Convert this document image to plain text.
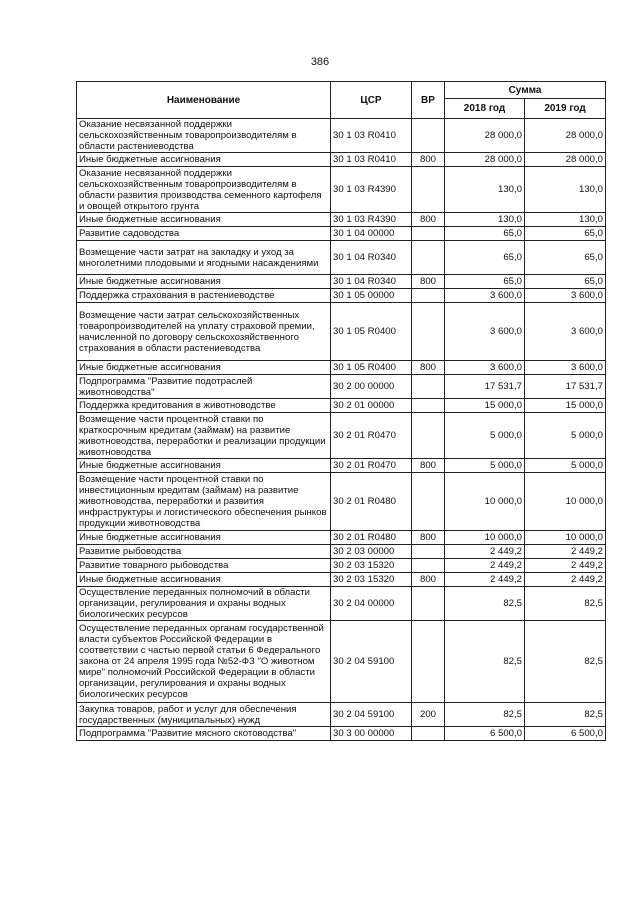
386
Наименование	ЦСР	ВР	Сумма	
			2018 год	2019 год
Оказание несвязанной поддержки сельскохозяйственным товаропроизводителям в области растениеводства	30 1 03 R0410		28 000,0	28 000,0
Иные бюджетные ассигнования	30 1 03 R0410	800	28 000,0	28 000,0
Оказание несвязанной поддержки сельскохозяйственным товаропроизводителям в области развития производства семенного картофеля и овощей открытого грунта	30 1 03 R4390		130,0	130,0
Иные бюджетные ассигнования	30 1 03 R4390	800	130,0	130,0
Развитие садоводства	30 1 04 00000		65,0	65,0
Возмещение части затрат на закладку и уход за многолетними плодовыми и ягодными насаждениями	30 1 04 R0340		65,0	65,0
Иные бюджетные ассигнования	30 1 04 R0340	800	65,0	65,0
Поддержка страхования в растениеводстве	30 1 05 00000		3 600,0	3 600,0
Возмещение части затрат сельскохозяйственных товаропроизводителей на уплату страховой премии, начисленной по договору сельскохозяйственного страхования в области растениеводства	30 1 05 R0400		3 600,0	3 600,0
Иные бюджетные ассигнования	30 1 05 R0400	800	3 600,0	3 600,0
Подпрограмма "Развитие подотраслей животноводства"	30 2 00 00000		17 531,7	17 531,7
Поддержка кредитования в животноводстве	30 2 01 00000		15 000,0	15 000,0
Возмещение части процентной ставки по краткосрочным кредитам (займам) на развитие животноводства, переработки и реализации продукции животноводства	30 2 01 R0470		5 000,0	5 000,0
Иные бюджетные ассигнования	30 2 01 R0470	800	5 000,0	5 000,0
Возмещение части процентной ставки по инвестиционным кредитам (займам) на развитие животноводства, переработки и развития инфраструктуры и логистического обеспечения рынков продукции животноводства	30 2 01 R0480		10 000,0	10 000,0
Иные бюджетные ассигнования	30 2 01 R0480	800	10 000,0	10 000,0
Развитие рыбоводства	30 2 03 00000		2 449,2	2 449,2
Развитие товарного рыбоводства	30 2 03 15320		2 449,2	2 449,2
Иные бюджетные ассигнования	30 2 03 15320	800	2 449,2	2 449,2
Осуществление переданных полномочий в области организации, регулирования и охраны водных биологических ресурсов	30 2 04 00000		82,5	82,5
Осуществление переданных органам государственной власти субъектов Российской Федерации в соответствии с частью первой статьи 6 Федерального закона от 24 апреля 1995 года №52-ФЗ "О животном мире" полномочий Российской Федерации в области организации, регулирования и охраны водных биологических ресурсов	30 2 04 59100		82,5	82,5
Закупка товаров, работ и услуг для обеспечения государственных (муниципальных) нужд	30 2 04 59100	200	82,5	82,5
Подпрограмма "Развитие мясного скотоводства"	30 3 00 00000		6 500,0	6 500,0
